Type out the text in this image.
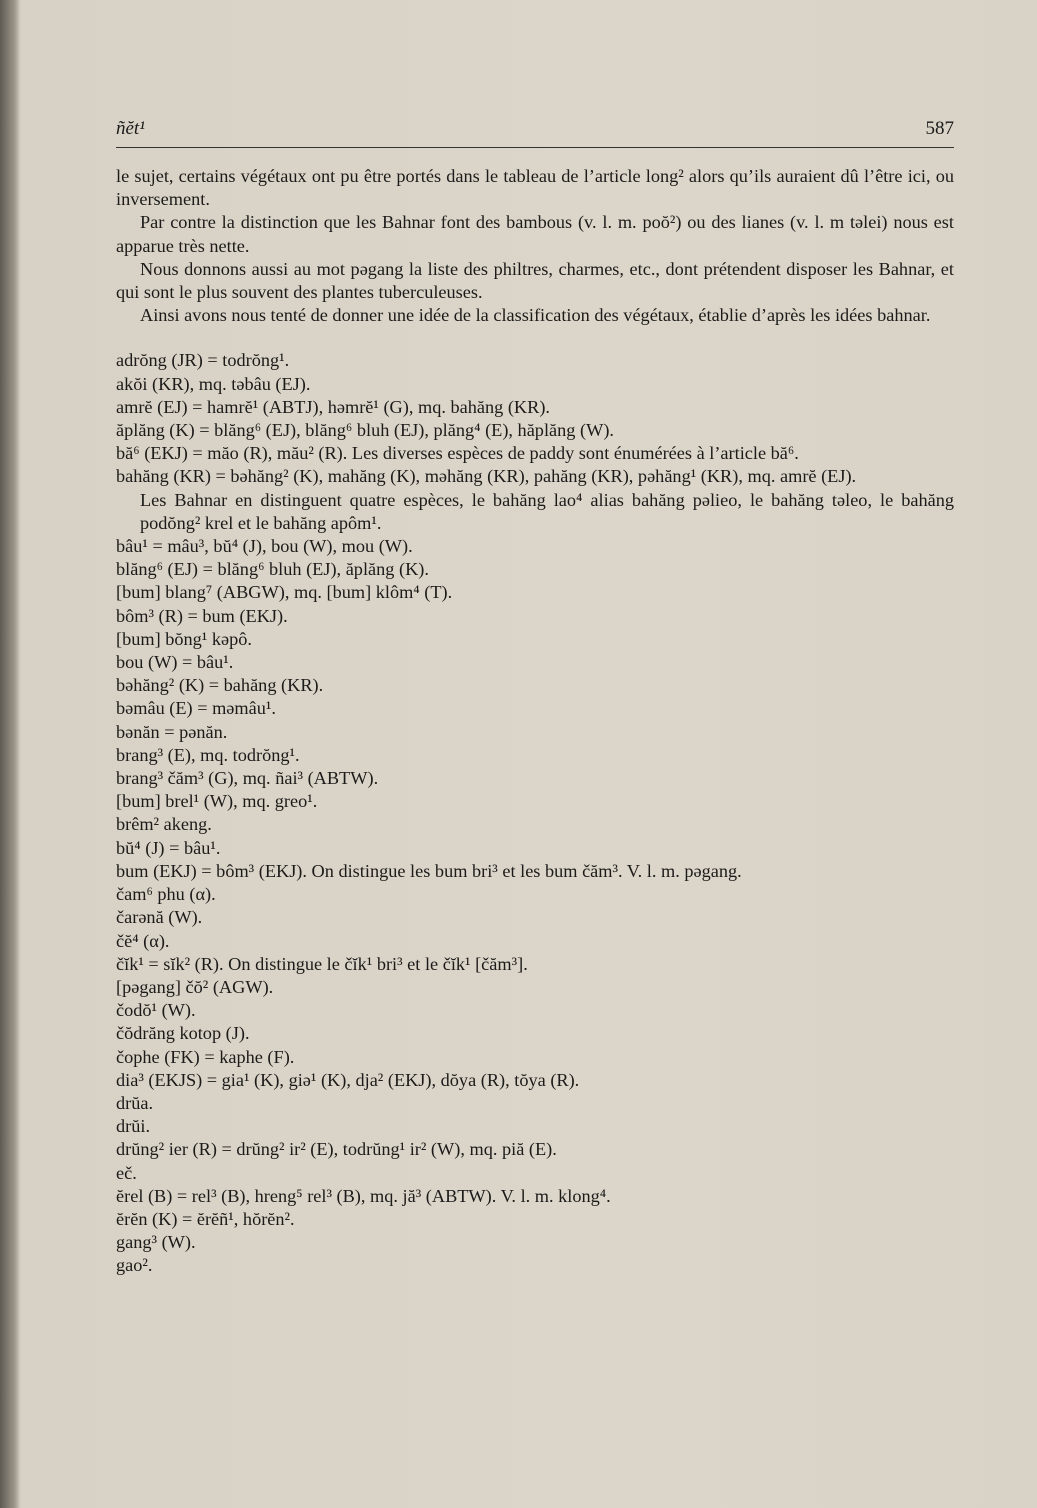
ñĕt¹	587

le sujet, certains végétaux ont pu être portés dans le tableau de l’article long² alors qu’ils auraient dû l’être ici, ou inversement.

Par contre la distinction que les Bahnar font des bambous (v. l. m. poŏ²) ou des lianes (v. l. m təlei) nous est apparue très nette.

Nous donnons aussi au mot pəgang la liste des philtres, charmes, etc., dont prétendent disposer les Bahnar, et qui sont le plus souvent des plantes tuberculeuses.

Ainsi avons nous tenté de donner une idée de la classification des végétaux, établie d’après les idées bahnar.

adrŏng (JR) = todrŏng¹.

akŏi (KR), mq. təbâu (EJ).

amrĕ (EJ) = hamrĕ¹ (ABTJ), həmrĕ¹ (G), mq. bahăng (KR).

ăplăng (K) = blăng⁶ (EJ), blăng⁶ bluh (EJ), plăng⁴ (E), hăplăng (W).

bă⁶ (EKJ) = măo (R), mău² (R). Les diverses espèces de paddy sont énumérées à l’article bă⁶.

bahăng (KR) = bəhăng² (K), mahăng (K), məhăng (KR), pahăng (KR), pəhăng¹ (KR), mq. amrĕ (EJ).

Les Bahnar en distinguent quatre espèces, le bahăng lao⁴ alias bahăng pəlieo, le bahăng təleo, le bahăng podŏng² krel et le bahăng apôm¹.

bâu¹ = mâu³, bŭ⁴ (J), bou (W), mou (W).

blăng⁶ (EJ) = blăng⁶ bluh (EJ), ăplăng (K).

[bum] blang⁷ (ABGW), mq. [bum] klôm⁴ (T).

bôm³ (R) = bum (EKJ).

[bum] bŏng¹ kəpô.

bou (W) = bâu¹.

bəhăng² (K) = bahăng (KR).

bəmâu (E) = məmâu¹.

bənăn = pənăn.

brang³ (E), mq. todrŏng¹.

brang³ čăm³ (G), mq. ñai³ (ABTW).

[bum] brel¹ (W), mq. greo¹.

brêm² akeng.

bŭ⁴ (J) = bâu¹.

bum (EKJ) = bôm³ (EKJ). On distingue les bum bri³ et les bum čăm³. V. l. m. pəgang.

čam⁶ phu (α).

čarənă (W).

čĕ⁴ (α).

čĭk¹ = sĭk² (R). On distingue le čĭk¹ bri³ et le čĭk¹ [čăm³].

[pəgang] čŏ² (AGW).

čodŏ¹ (W).

čŏdrăng kotop (J).

čophe (FK) = kaphe (F).

dia³ (EKJS) = gia¹ (K), giə¹ (K), dja² (EKJ), dŏya (R), tŏya (R).

drŭa.

drŭi.

drŭng² ier (R) = drŭng² ir² (E), todrŭng¹ ir² (W), mq. piă (E).

eč.

ĕrel (B) = rel³ (B), hreng⁵ rel³ (B), mq. jă³ (ABTW). V. l. m. klong⁴.

ĕrĕn (K) = ĕrĕñ¹, hŏrĕn².

gang³ (W).

gao².
